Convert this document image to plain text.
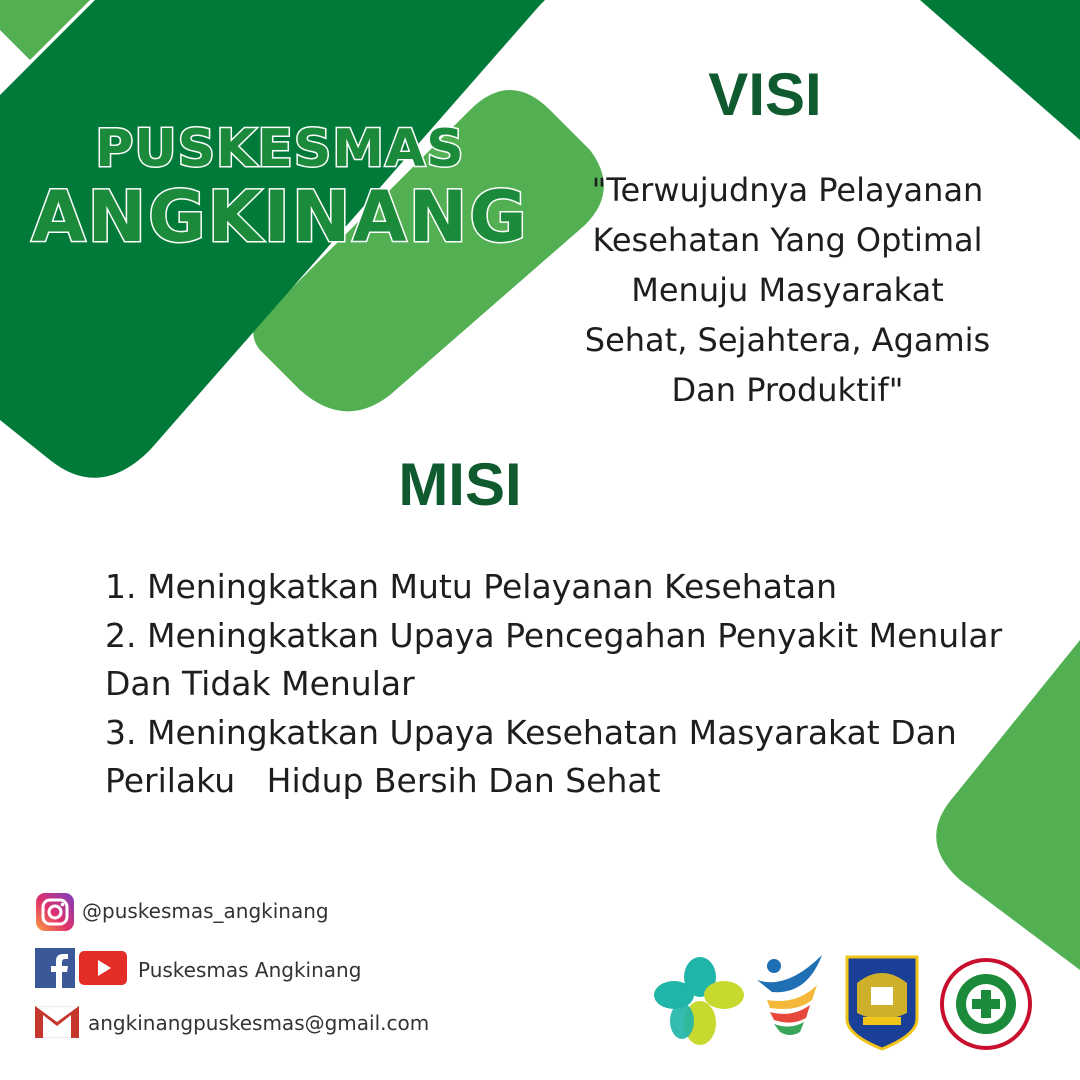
PUSKESMAS
ANGKINANG
VISI
"Terwujudnya Pelayanan
Kesehatan Yang Optimal
Menuju Masyarakat
Sehat, Sejahtera, Agamis
Dan Produktif"
MISI
1. Meningkatkan Mutu Pelayanan Kesehatan
2. Meningkatkan Upaya Pencegahan Penyakit Menular
Dan Tidak Menular
3. Meningkatkan Upaya Kesehatan Masyarakat Dan
Perilaku   Hidup Bersih Dan Sehat
@puskesmas_angkinang
Puskesmas Angkinang
angkinangpuskesmas@gmail.com
